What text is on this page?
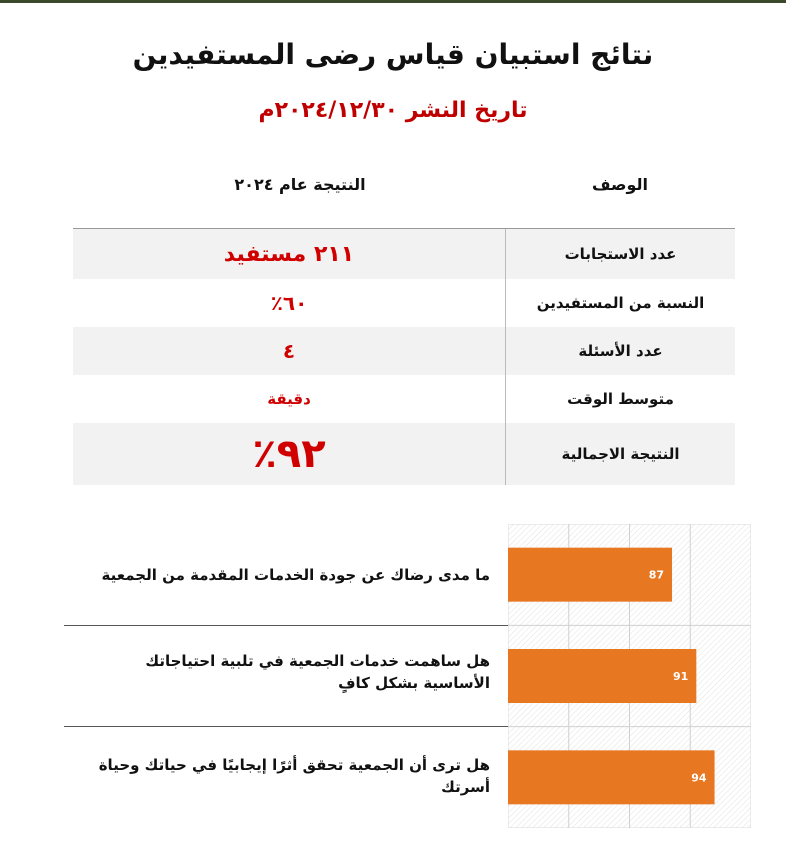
نتائج استبيان قياس رضى المستفيدين
تاريخ النشر ٢٠٢٤/١٢/٣٠م
الوصف
النتيجة عام ٢٠٢٤
٢١١ مستفيد	عدد الاستجابات
٦٠٪	النسبة من المستفيدين
٤	عدد الأسئلة
دقيقة	متوسط الوقت
٩٢٪	النتيجة الاجمالية
ما مدى رضاك عن جودة الخدمات المقدمة من الجمعية
هل ساهمت خدمات الجمعية في تلبية احتياجاتك الأساسية بشكل كافٍ
هل ترى أن الجمعية تحقق أثرًا إيجابيًا في حياتك وحياة أسرتك
87
91
94
